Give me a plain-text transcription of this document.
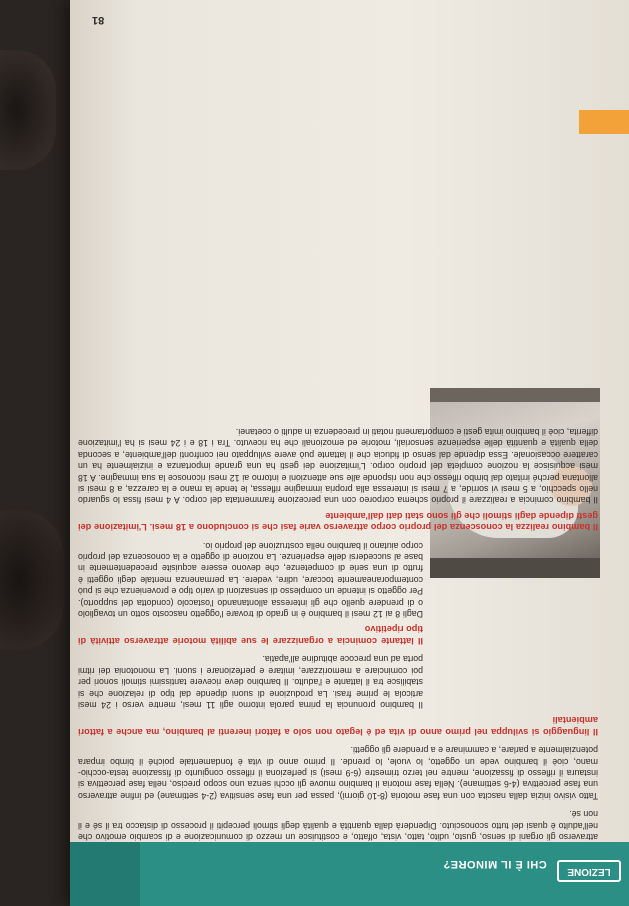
attraverso gli organi di senso, gusto, udito, tatto, vista, olfatto, e costituisce un mezzo di comunicazione e di scambio emotivo che nell'adulto è quasi del tutto sconosciuto. Dipenderà dalla quantità e qualità degli stimoli percepiti il processo di distacco tra il sé e il non sé.

Tatto visivo inizia dalla nascita con una fase motoria (8-10 giorni), passa per una fase sensitiva (2-4 settimane) ed infine attraverso una fase percettiva (4-6 settimane). Nella fase motoria il bambino muove gli occhi senza uno scopo preciso, nella fase percettiva si instaura il riflesso di fissazione, mentre nel terzo trimestre (6-9 mesi) si perfeziona il riflesso congiunto di fissazione testa-occhio-mano, cioè il bambino vede un oggetto, lo vuole, lo prende. Il primo anno di vita è fondamentale poiché il bimbo impara potenzialmente a parlare, a camminare e a prendere gli oggetti.

Il linguaggio si sviluppa nel primo anno di vita ed è legato non solo a fattori inerenti al bambino, ma anche a fattori ambientali

Il bambino pronuncia la prima parola intorno agli 11 mesi, mentre verso i 24 mesi articola le prime frasi. La produzione di suoni dipende dal tipo di relazione che si stabilisce tra il lattante e l'adulto. Il bambino deve ricevere tantissimi stimoli sonori per poi cominciare a memorizzare, imitare e perfezionare i suoni. La monotonia dei ritmi porta ad una precoce abitudine all'apatia.

Il lattante comincia a organizzare le sue abilità motorie attraverso attività di tipo ripetitivo

Dagli 8 ai 12 mesi il bambino è in grado di trovare l'oggetto nascosto sotto un tovagliolo o di prendere quello che gli interessa allontanando l'ostacolo (condotta del supporto). Per oggetto si intende un complesso di sensazioni di vario tipo e provenienza che si può contemporaneamente toccare, udire, vedere. La permanenza mentale degli oggetti è frutto di una serie di competenze, che devono essere acquisite precedentemente in base al succedersi delle esperienze. La nozione di oggetto e la conoscenza del proprio corpo aiutano il bambino nella costruzione del proprio io.

Il bambino realizza la conoscenza del proprio corpo attraverso varie fasi che si concludono a 18 mesi. L'imitazione dei gesti dipende dagli stimoli che gli sono stati dati dall'ambiente

Il bambino comincia a realizzare il proprio schema corporeo con una percezione frammentata del corpo. A 4 mesi fissa lo sguardo nello specchio, a 5 mesi vi sorride, a 7 mesi si interessa alla propria immagine riflessa, le tende la mano e la carezza, a 8 mesi si allontana perché irritato dal bimbo riflesso che non risponde alle sue attenzioni e intorno ai 12 mesi riconosce la sua immagine. A 18 mesi acquisisce la nozione completa del proprio corpo. L'imitazione dei gesti ha una grande importanza e inizialmente ha un carattere occasionale. Essa dipende dal senso di fiducia che il lattante può avere sviluppato nei confronti dell'ambiente, a seconda della qualità e quantità delle esperienze sensoriali, motorie ed emozionali che ha ricevuto. Tra i 18 e i 24 mesi si ha l'imitazione differita, cioè il bambino imita gesti e comportamenti notati in precedenza in adulti o coetanei.

81
CHI È IL MINORE?
LEZIONE
